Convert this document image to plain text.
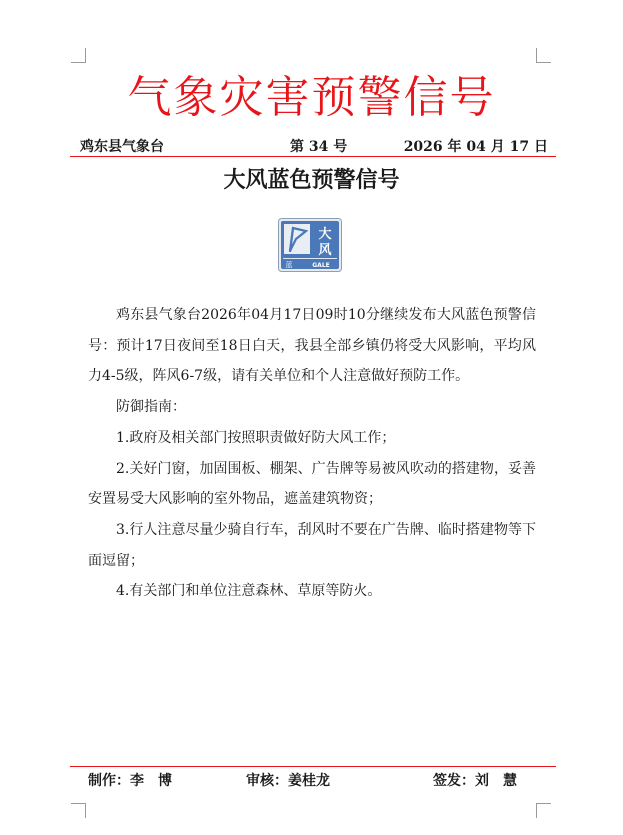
气象灾害预警信号
鸡东县气象台	第 34 号	2026 年 04 月 17 日
大风蓝色预警信号
大
风
蓝	GALE

鸡东县气象台2026年04月17日09时10分继续发布大风蓝色预警信号：预计17日夜间至18日白天，我县全部乡镇仍将受大风影响，平均风力4-5级，阵风6-7级，请有关单位和个人注意做好预防工作。

防御指南：

1.政府及相关部门按照职责做好防大风工作；

2.关好门窗，加固围板、棚架、广告牌等易被风吹动的搭建物，妥善安置易受大风影响的室外物品，遮盖建筑物资；

3.行人注意尽量少骑自行车，刮风时不要在广告牌、临时搭建物等下面逗留；

4.有关部门和单位注意森林、草原等防火。

制作：李　博	审核：姜桂龙	签发：刘　慧
